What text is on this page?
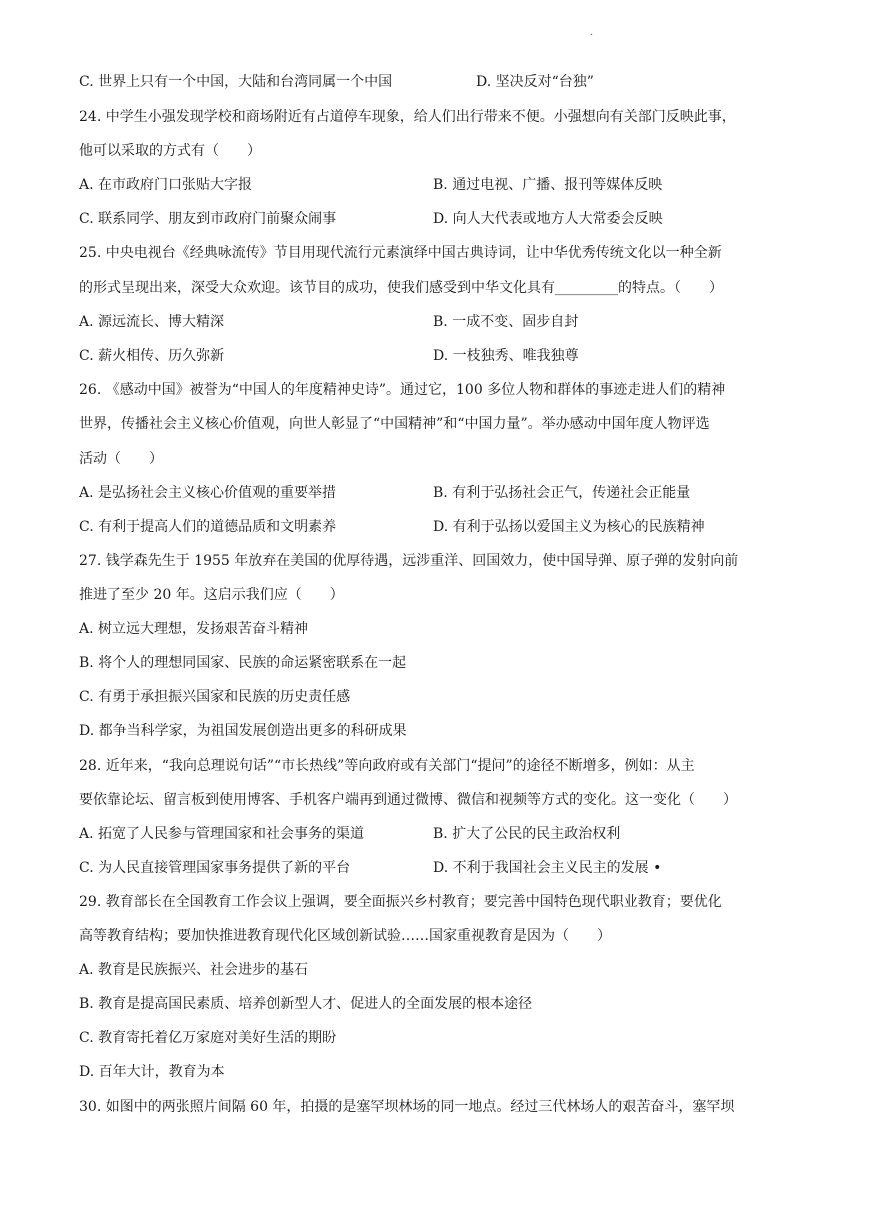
·
C. 世界上只有一个中国，大陆和台湾同属一个中国	D. 坚决反对“台独”
24. 中学生小强发现学校和商场附近有占道停车现象，给人们出行带来不便。小强想向有关部门反映此事，
他可以采取的方式有（　　）
A. 在市政府门口张贴大字报	B. 通过电视、广播、报刊等媒体反映
C. 联系同学、朋友到市政府门前聚众闹事	D. 向人大代表或地方人大常委会反映
25. 中央电视台《经典咏流传》节目用现代流行元素演绎中国古典诗词，让中华优秀传统文化以一种全新
的形式呈现出来，深受大众欢迎。该节目的成功，使我们感受到中华文化具有_________的特点。（　　）
A. 源远流长、博大精深	B. 一成不变、固步自封
C. 薪火相传、历久弥新	D. 一枝独秀、唯我独尊
26. 《感动中国》被誉为“中国人的年度精神史诗”。通过它，100 多位人物和群体的事迹走进人们的精神
世界，传播社会主义核心价值观，向世人彰显了“中国精神”和“中国力量”。举办感动中国年度人物评选
活动（　　）
A. 是弘扬社会主义核心价值观的重要举措	B. 有利于弘扬社会正气，传递社会正能量
C. 有利于提高人们的道德品质和文明素养	D. 有利于弘扬以爱国主义为核心的民族精神
27. 钱学森先生于 1955 年放弃在美国的优厚待遇，远涉重洋、回国效力，使中国导弹、原子弹的发射向前
推进了至少 20 年。这启示我们应（　　）
A. 树立远大理想，发扬艰苦奋斗精神
B. 将个人的理想同国家、民族的命运紧密联系在一起
C. 有勇于承担振兴国家和民族的历史责任感
D. 都争当科学家，为祖国发展创造出更多的科研成果
28. 近年来，“我向总理说句话”“市长热线”等向政府或有关部门“提问”的途径不断增多，例如：从主
要依靠论坛、留言板到使用博客、手机客户端再到通过微博、微信和视频等方式的变化。这一变化（　　）
A. 拓宽了人民参与管理国家和社会事务的渠道	B. 扩大了公民的民主政治权利
C. 为人民直接管理国家事务提供了新的平台	D. 不利于我国社会主义民主的发展 •
29. 教育部长在全国教育工作会议上强调，要全面振兴乡村教育；要完善中国特色现代职业教育；要优化
高等教育结构；要加快推进教育现代化区域创新试验……国家重视教育是因为（　　）
A. 教育是民族振兴、社会进步的基石
B. 教育是提高国民素质、培养创新型人才、促进人的全面发展的根本途径
C. 教育寄托着亿万家庭对美好生活的期盼
D. 百年大计，教育为本
30. 如图中的两张照片间隔 60 年，拍摄的是塞罕坝林场的同一地点。经过三代林场人的艰苦奋斗，塞罕坝
